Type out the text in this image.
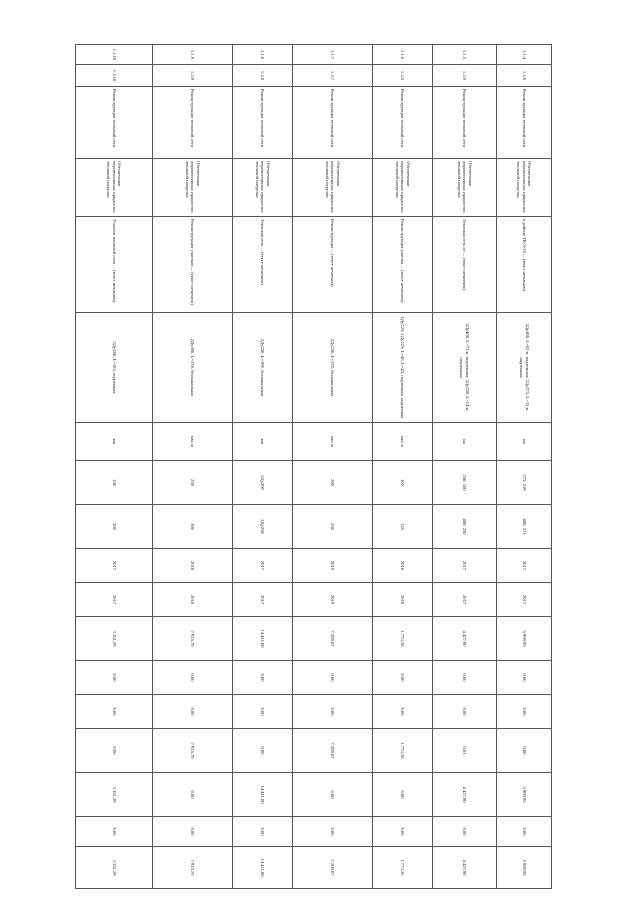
1.1.4	1.3.6	Реконструкция тепловой сети	Обеспечение перспективных приростов тепловой нагрузки	в районе ТК-5-10 ... (текст нечитаем)	2Ду400, L=81 м, надземная; 2Ду273, L=31 м, надземная	км	273; 219	400; 273	2017	2017	5 969,95	0,00	0,00	0,00	5 969,95	0,00	5 969,95
1.1.5	1.3.6	Реконструкция тепловой сети	Обеспечение перспективных приростов тепловой нагрузки	Тепловая сеть от ... (текст нечитаем)	2Ду400, L=71 м, подземная; 2Ду250, L=14 м, подземная	км	250; 100	400; 250	2017	2017	4 427,90	0,00	0,00	0,01	4 427,90	0,00	4 427,90
1.1.6	1.3.6	Реконструкция тепловой сети	Обеспечение перспективных приростов тепловой нагрузки	Реконструкция участка ... (текст нечитаем)	1Ду125, 1Ду125; L=45, L=45; подземная, подземная	мм; м	100	125	2018	2018	1 773,36	0,00	0,00	1 773,36	0,00	0,00	1 773,36
1.1.7	1.3.7	Реконструкция тепловой сети	Обеспечение перспективных приростов тепловой нагрузки	Реконструкция ... (текст нечитаем)	2Ду250, L=370, бесканальная	мм; м	200	250	2019	2019	7 209,07	0,00	0,00	7 209,07	0,00	0,00	7 209,07
1.1.8	1.3.8	Реконструкция тепловой сети	Обеспечение перспективных приростов тепловой нагрузки	Тепловая сеть ... (текст нечитаем)	2Ду250, L=396, бесканальная	мм	2Ду200	2Ду250	2017	2017	14 411,00	0,00	0,00	0,00	14 411,00	0,00	14 411,00
1.1.9	1.3.9	Реконструкция тепловой сети	Обеспечение перспективных приростов тепловой нагрузки	Реконструкция участков ... (текст нечитаем)	2Ду300, L=378, бесканальная	мм; м	250	300	2018	2018	7 915,76	0,00	0,00	7 915,76	0,00	0,00	7 915,76
1.1.10	1.3.10	Реконструкция тепловой сети	Обеспечение перспективных приростов тепловой нагрузки	Участок тепловой сети ... (текст нечитаем)	2Ду200, L=183, подземная	мм	150	200	2017	2017	3 351,29	0,00	0,00	0,00	3 351,29	0,00	3 351,29
